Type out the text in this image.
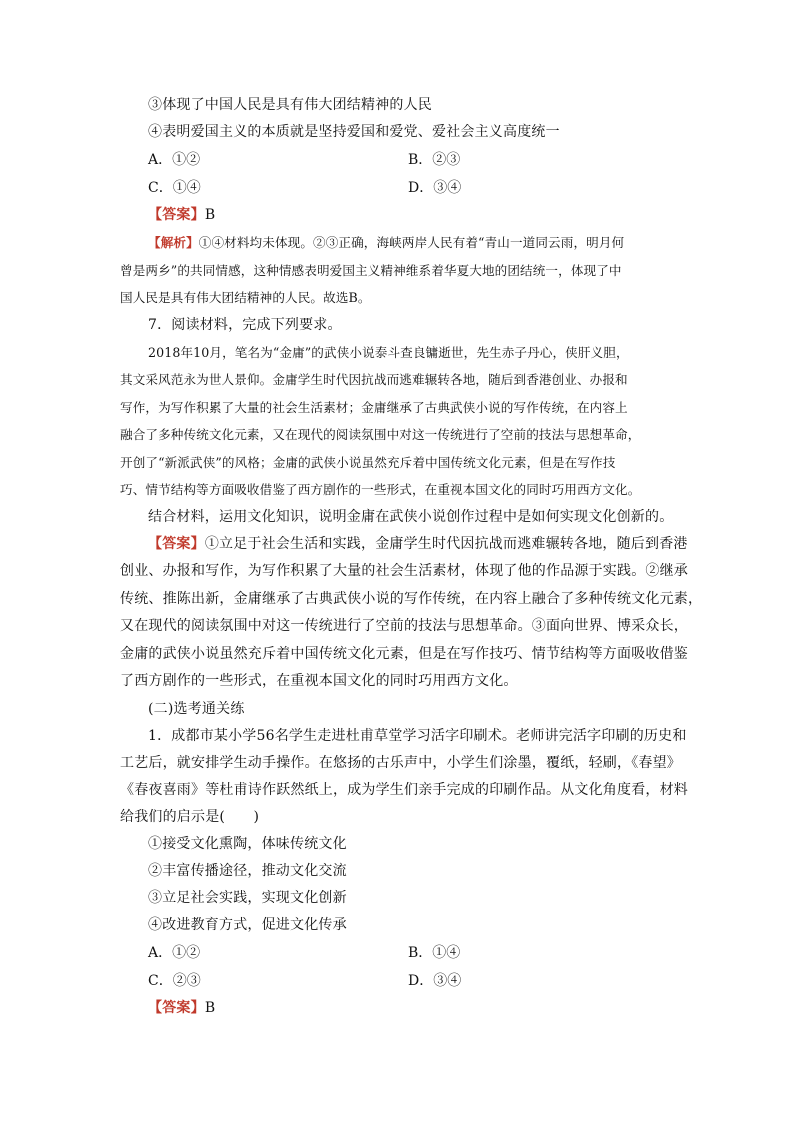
③体现了中国人民是具有伟大团结精神的人民
④表明爱国主义的本质就是坚持爱国和爱党、爱社会主义高度统一
A．①②	B．②③
C．①④	D．③④
【答案】B
【解析】①④材料均未体现。②③正确，海峡两岸人民有着“青山一道同云雨，明月何
曾是两乡”的共同情感，这种情感表明爱国主义精神维系着华夏大地的团结统一，体现了中
国人民是具有伟大团结精神的人民。故选B。
7．阅读材料，完成下列要求。
2018年10月，笔名为“金庸”的武侠小说泰斗查良镛逝世，先生赤子丹心，侠肝义胆，
其文采风范永为世人景仰。金庸学生时代因抗战而逃难辗转各地，随后到香港创业、办报和
写作，为写作积累了大量的社会生活素材；金庸继承了古典武侠小说的写作传统，在内容上
融合了多种传统文化元素，又在现代的阅读氛围中对这一传统进行了空前的技法与思想革命，
开创了“新派武侠”的风格；金庸的武侠小说虽然充斥着中国传统文化元素，但是在写作技
巧、情节结构等方面吸收借鉴了西方剧作的一些形式，在重视本国文化的同时巧用西方文化。
结合材料，运用文化知识，说明金庸在武侠小说创作过程中是如何实现文化创新的。
【答案】①立足于社会生活和实践，金庸学生时代因抗战而逃难辗转各地，随后到香港
创业、办报和写作，为写作积累了大量的社会生活素材，体现了他的作品源于实践。②继承
传统、推陈出新，金庸继承了古典武侠小说的写作传统，在内容上融合了多种传统文化元素，
又在现代的阅读氛围中对这一传统进行了空前的技法与思想革命。③面向世界、博采众长，
金庸的武侠小说虽然充斥着中国传统文化元素，但是在写作技巧、情节结构等方面吸收借鉴
了西方剧作的一些形式，在重视本国文化的同时巧用西方文化。
(二)选考通关练
1．成都市某小学56名学生走进杜甫草堂学习活字印刷术。老师讲完活字印刷的历史和
工艺后，就安排学生动手操作。在悠扬的古乐声中，小学生们涂墨，覆纸，轻刷，《春望》
《春夜喜雨》等杜甫诗作跃然纸上，成为学生们亲手完成的印刷作品。从文化角度看，材料
给我们的启示是(　　)
①接受文化熏陶，体味传统文化
②丰富传播途径，推动文化交流
③立足社会实践，实现文化创新
④改进教育方式，促进文化传承
A．①②	B．①④
C．②③	D．③④
【答案】B
